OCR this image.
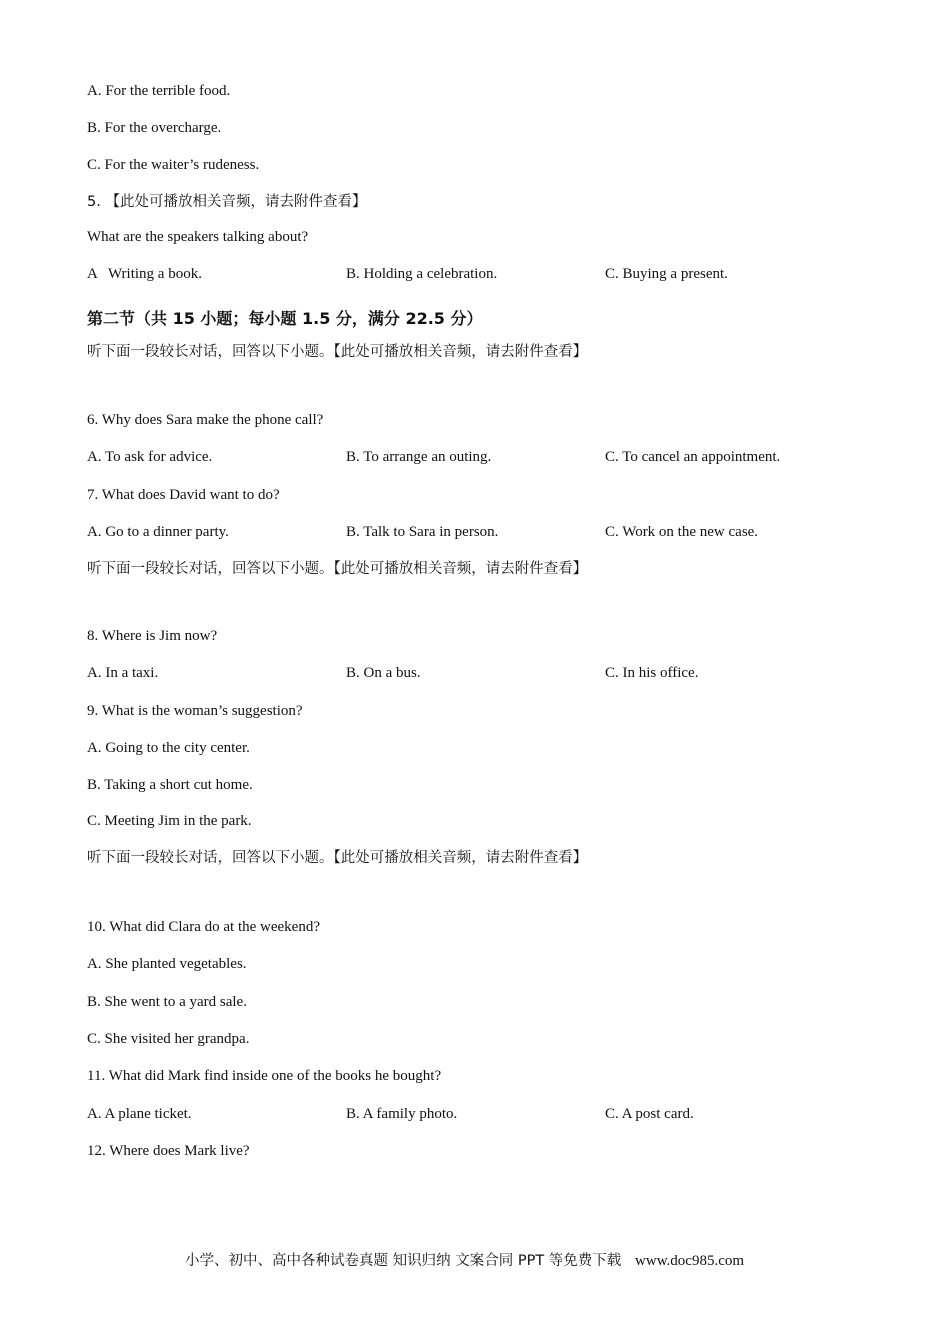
A. For the terrible food.
B. For the overcharge.
C. For the waiter’s rudeness.
5. 【此处可播放相关音频，请去附件查看】
What are the speakers talking about?
A   Writing a book.	B. Holding a celebration.	C. Buying a present.
第二节（共 15 小题；每小题 1.5 分，满分 22.5 分）
听下面一段较长对话，回答以下小题。【此处可播放相关音频，请去附件查看】
6. Why does Sara make the phone call?
A. To ask for advice.	B. To arrange an outing.	C. To cancel an appointment.
7. What does David want to do?
A. Go to a dinner party.	B. Talk to Sara in person.	C. Work on the new case.
听下面一段较长对话，回答以下小题。【此处可播放相关音频，请去附件查看】
8. Where is Jim now?
A. In a taxi.	B. On a bus.	C. In his office.
9. What is the woman’s suggestion?
A. Going to the city center.
B. Taking a short cut home.
C. Meeting Jim in the park.
听下面一段较长对话，回答以下小题。【此处可播放相关音频，请去附件查看】
10. What did Clara do at the weekend?
A. She planted vegetables.
B. She went to a yard sale.
C. She visited her grandpa.
11. What did Mark find inside one of the books he bought?
A. A plane ticket.	B. A family photo.	C. A post card.
12. Where does Mark live?
小学、初中、高中各种试卷真题 知识归纳 文案合同 PPT 等免费下载 www.doc985.com
